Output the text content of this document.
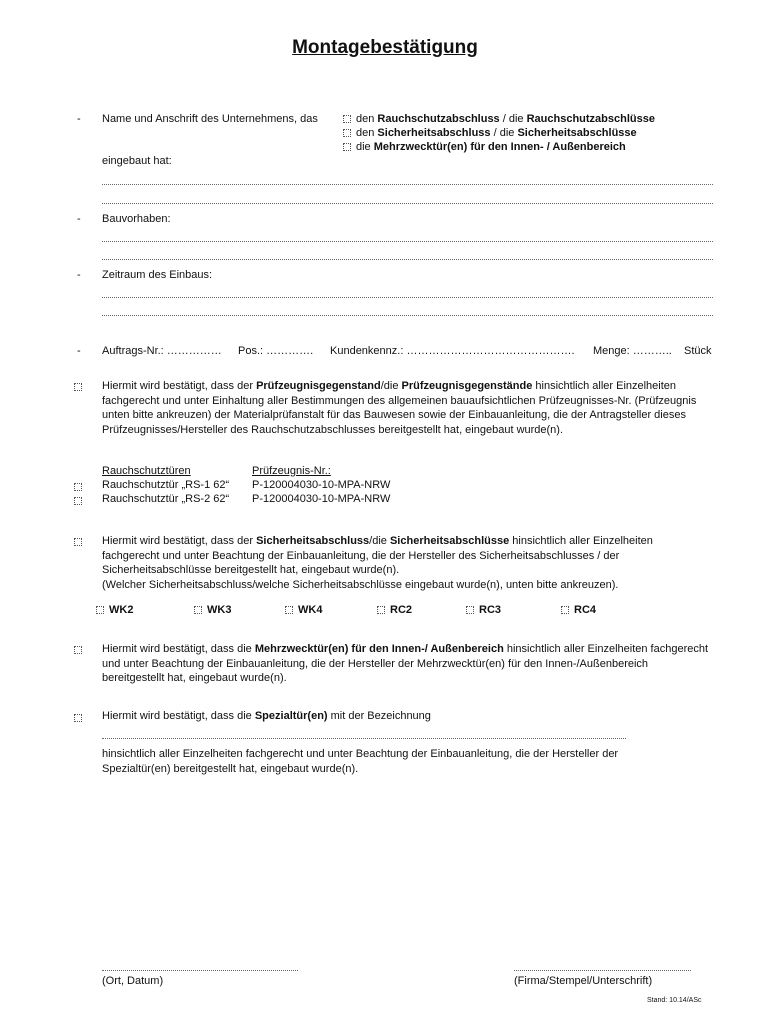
Montagebestätigung
- Name und Anschrift des Unternehmens, das	den Rauchschutzabschluss / die Rauchschutzabschlüsse
den Sicherheitsabschluss / die Sicherheitsabschlüsse
die Mehrzwecktür(en) für den Innen- / Außenbereich
eingebaut hat:
- Bauvorhaben:
- Zeitraum des Einbaus:
- Auftrags-Nr.: …………… Pos.: …………. Kundenkennz.: ………………………………………. Menge: ……….. Stück
Hiermit wird bestätigt, dass der Prüfzeugnisgegenstand/die Prüfzeugnisgegenstände hinsichtlich aller Einzelheiten fachgerecht und unter Einhaltung aller Bestimmungen des allgemeinen bauaufsichtlichen Prüfzeugnisses-Nr. (Prüfzeugnis unten bitte ankreuzen) der Materialprüfanstalt für das Bauwesen sowie der Einbauanleitung, die der Antragsteller dieses Prüfzeugnisses/Hersteller des Rauchschutzabschlusses bereitgestellt hat, eingebaut wurde(n).
Rauchschutztüren	Prüfzeugnis-Nr.:
Rauchschutztür „RS-1 62“ P-120004030-10-MPA-NRW
Rauchschutztür „RS-2 62“ P-120004030-10-MPA-NRW
Hiermit wird bestätigt, dass der Sicherheitsabschluss/die Sicherheitsabschlüsse hinsichtlich aller Einzelheiten fachgerecht und unter Beachtung der Einbauanleitung, die der Hersteller des Sicherheitsabschlusses / der Sicherheitsabschlüsse bereitgestellt hat, eingebaut wurde(n).
(Welcher Sicherheitsabschluss/welche Sicherheitsabschlüsse eingebaut wurde(n), unten bitte ankreuzen).
WK2	WK3	WK4	RC2	RC3	RC4
Hiermit wird bestätigt, dass die Mehrzwecktür(en) für den Innen-/ Außenbereich hinsichtlich aller Einzelheiten fachgerecht und unter Beachtung der Einbauanleitung, die der Hersteller der Mehrzwecktür(en) für den Innen-/Außenbereich bereitgestellt hat, eingebaut wurde(n).
Hiermit wird bestätigt, dass die Spezialtür(en) mit der Bezeichnung
hinsichtlich aller Einzelheiten fachgerecht und unter Beachtung der Einbauanleitung, die der Hersteller der Spezialtür(en) bereitgestellt hat, eingebaut wurde(n).
(Ort, Datum)	(Firma/Stempel/Unterschrift)
Stand: 10.14/ASc
